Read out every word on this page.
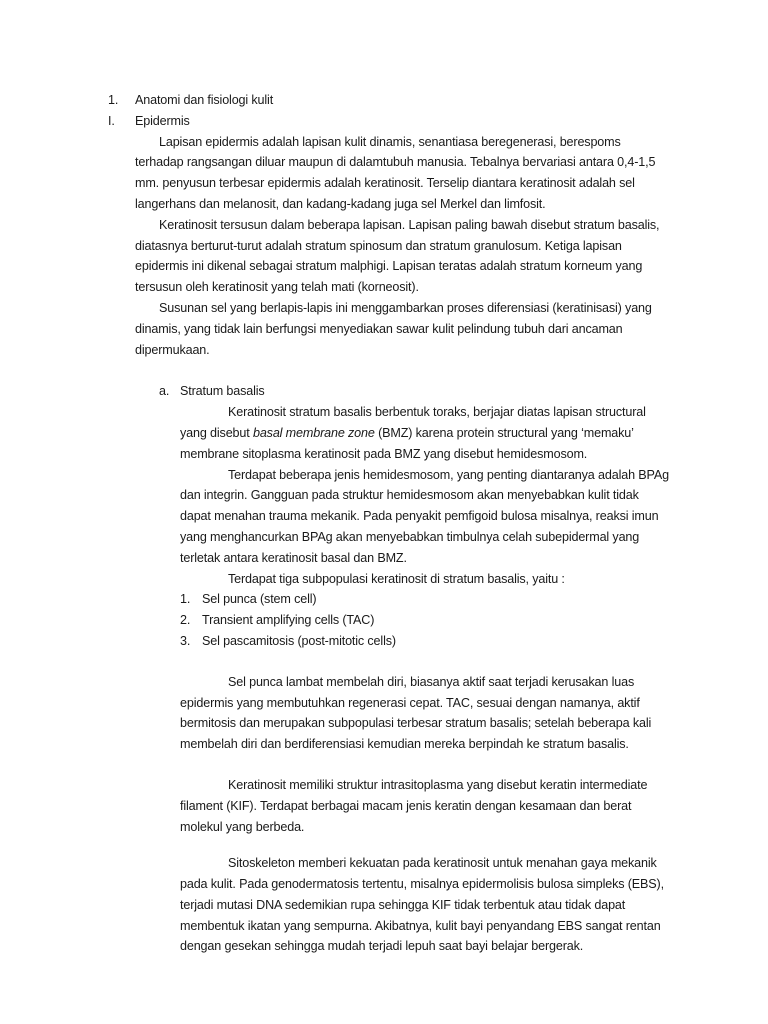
1.	Anatomi dan fisiologi kulit
I.	Epidermis
Lapisan epidermis adalah lapisan kulit dinamis, senantiasa beregenerasi, berespoms
terhadap rangsangan diluar maupun di dalamtubuh manusia. Tebalnya bervariasi antara 0,4-1,5
mm. penyusun terbesar epidermis adalah keratinosit. Terselip diantara keratinosit adalah sel
langerhans dan melanosit, dan kadang-kadang juga sel Merkel dan limfosit.
Keratinosit tersusun dalam beberapa lapisan. Lapisan paling bawah disebut stratum basalis,
diatasnya berturut-turut adalah stratum spinosum dan stratum granulosum. Ketiga lapisan
epidermis ini dikenal sebagai stratum malphigi. Lapisan teratas adalah stratum korneum yang
tersusun oleh keratinosit yang telah mati (korneosit).
Susunan sel yang berlapis-lapis ini menggambarkan proses diferensiasi (keratinisasi) yang
dinamis, yang tidak lain berfungsi menyediakan sawar kulit pelindung tubuh dari ancaman
dipermukaan.
a. Stratum basalis
Keratinosit stratum basalis berbentuk toraks, berjajar diatas lapisan structural
yang disebut basal membrane zone (BMZ) karena protein structural yang ‘memaku’
membrane sitoplasma keratinosit pada BMZ yang disebut hemidesmosom.
Terdapat beberapa jenis hemidesmosom, yang penting diantaranya adalah BPAg
dan integrin. Gangguan pada struktur hemidesmosom akan menyebabkan kulit tidak
dapat menahan trauma mekanik. Pada penyakit pemfigoid bulosa misalnya, reaksi imun
yang menghancurkan BPAg akan menyebabkan timbulnya celah subepidermal yang
terletak antara keratinosit basal dan BMZ.
Terdapat tiga subpopulasi keratinosit di stratum basalis, yaitu :
1. Sel punca (stem cell)
2. Transient amplifying cells (TAC)
3. Sel pascamitosis (post-mitotic cells)
Sel punca lambat membelah diri, biasanya aktif saat terjadi kerusakan luas
epidermis yang membutuhkan regenerasi cepat. TAC, sesuai dengan namanya, aktif
bermitosis dan merupakan subpopulasi terbesar stratum basalis; setelah beberapa kali
membelah diri dan berdiferensiasi kemudian mereka berpindah ke stratum basalis.
Keratinosit memiliki struktur intrasitoplasma yang disebut keratin intermediate
filament (KIF). Terdapat berbagai macam jenis keratin dengan kesamaan dan berat
molekul yang berbeda.
Sitoskeleton memberi kekuatan pada keratinosit untuk menahan gaya mekanik
pada kulit. Pada genodermatosis tertentu, misalnya epidermolisis bulosa simpleks (EBS),
terjadi mutasi DNA sedemikian rupa sehingga KIF tidak terbentuk atau tidak dapat
membentuk ikatan yang sempurna. Akibatnya, kulit bayi penyandang EBS sangat rentan
dengan gesekan sehingga mudah terjadi lepuh saat bayi belajar bergerak.
